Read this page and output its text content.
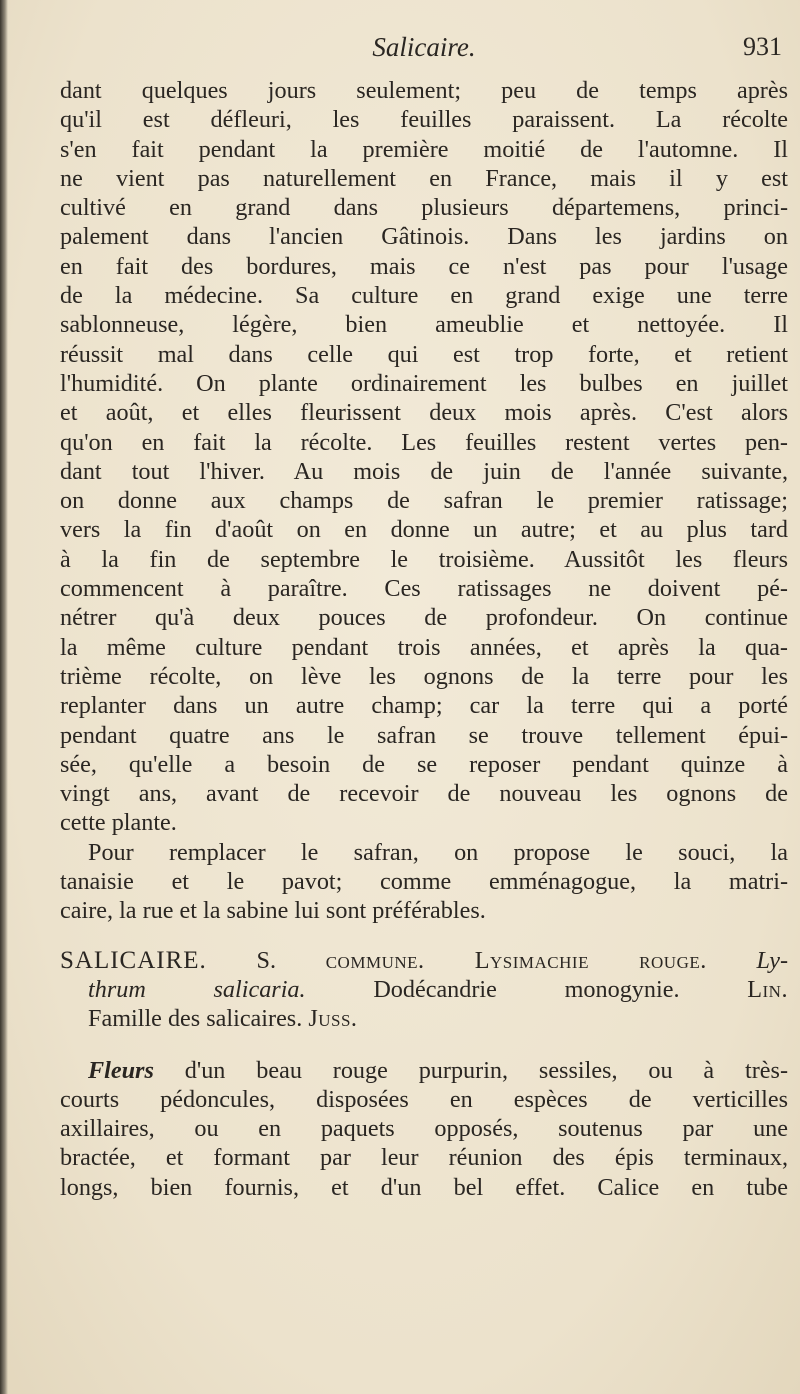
Salicaire.	931
dant quelques jours seulement; peu de temps après
qu'il est défleuri, les feuilles paraissent. La récolte
s'en fait pendant la première moitié de l'automne. Il
ne vient pas naturellement en France, mais il y est
cultivé en grand dans plusieurs départemens, princi-
palement dans l'ancien Gâtinois. Dans les jardins on
en fait des bordures, mais ce n'est pas pour l'usage
de la médecine. Sa culture en grand exige une terre
sablonneuse, légère, bien ameublie et nettoyée. Il
réussit mal dans celle qui est trop forte, et retient
l'humidité. On plante ordinairement les bulbes en juillet
et août, et elles fleurissent deux mois après. C'est alors
qu'on en fait la récolte. Les feuilles restent vertes pen-
dant tout l'hiver. Au mois de juin de l'année suivante,
on donne aux champs de safran le premier ratissage;
vers la fin d'août on en donne un autre; et au plus tard
à la fin de septembre le troisième. Aussitôt les fleurs
commencent à paraître. Ces ratissages ne doivent pé-
nétrer qu'à deux pouces de profondeur. On continue
la même culture pendant trois années, et après la qua-
trième récolte, on lève les ognons de la terre pour les
replanter dans un autre champ; car la terre qui a porté
pendant quatre ans le safran se trouve tellement épui-
sée, qu'elle a besoin de se reposer pendant quinze à
vingt ans, avant de recevoir de nouveau les ognons de
cette plante.
Pour remplacer le safran, on propose le souci, la
tanaisie et le pavot; comme emménagogue, la matri-
caire, la rue et la sabine lui sont préférables.
SALICAIRE. S. commune. Lysimachie rouge. Ly-
thrum salicaria.	Dodécandrie monogynie.	Lin.
Famille des salicaires. Juss.
Fleurs d'un beau rouge purpurin, sessiles, ou à très-
courts pédoncules, disposées en espèces de verticilles
axillaires, ou en paquets opposés, soutenus par une
bractée, et formant par leur réunion des épis terminaux,
longs, bien fournis, et d'un bel effet. Calice en tube
